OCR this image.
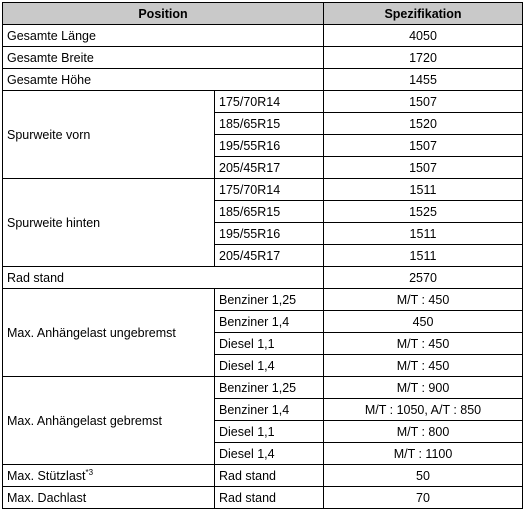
Position		Spezifikation
Gesamte Länge		4050
Gesamte Breite		1720
Gesamte Höhe		1455
Spurweite vorn	175/70R14	1507
	185/65R15	1520
	195/55R16	1507
	205/45R17	1507
Spurweite hinten	175/70R14	1511
	185/65R15	1525
	195/55R16	1511
	205/45R17	1511
Rad stand		2570
Max. Anhängelast ungebremst	Benziner 1,25	M/T : 450
	Benziner 1,4	450
	Diesel 1,1	M/T : 450
	Diesel 1,4	M/T : 450
Max. Anhängelast gebremst	Benziner 1,25	M/T : 900
	Benziner 1,4	M/T : 1050, A/T : 850
	Diesel 1,1	M/T : 800
	Diesel 1,4	M/T : 1100
Max. Stützlast$^{*3}$	Rad stand	50
Max. Dachlast	Rad stand	70
